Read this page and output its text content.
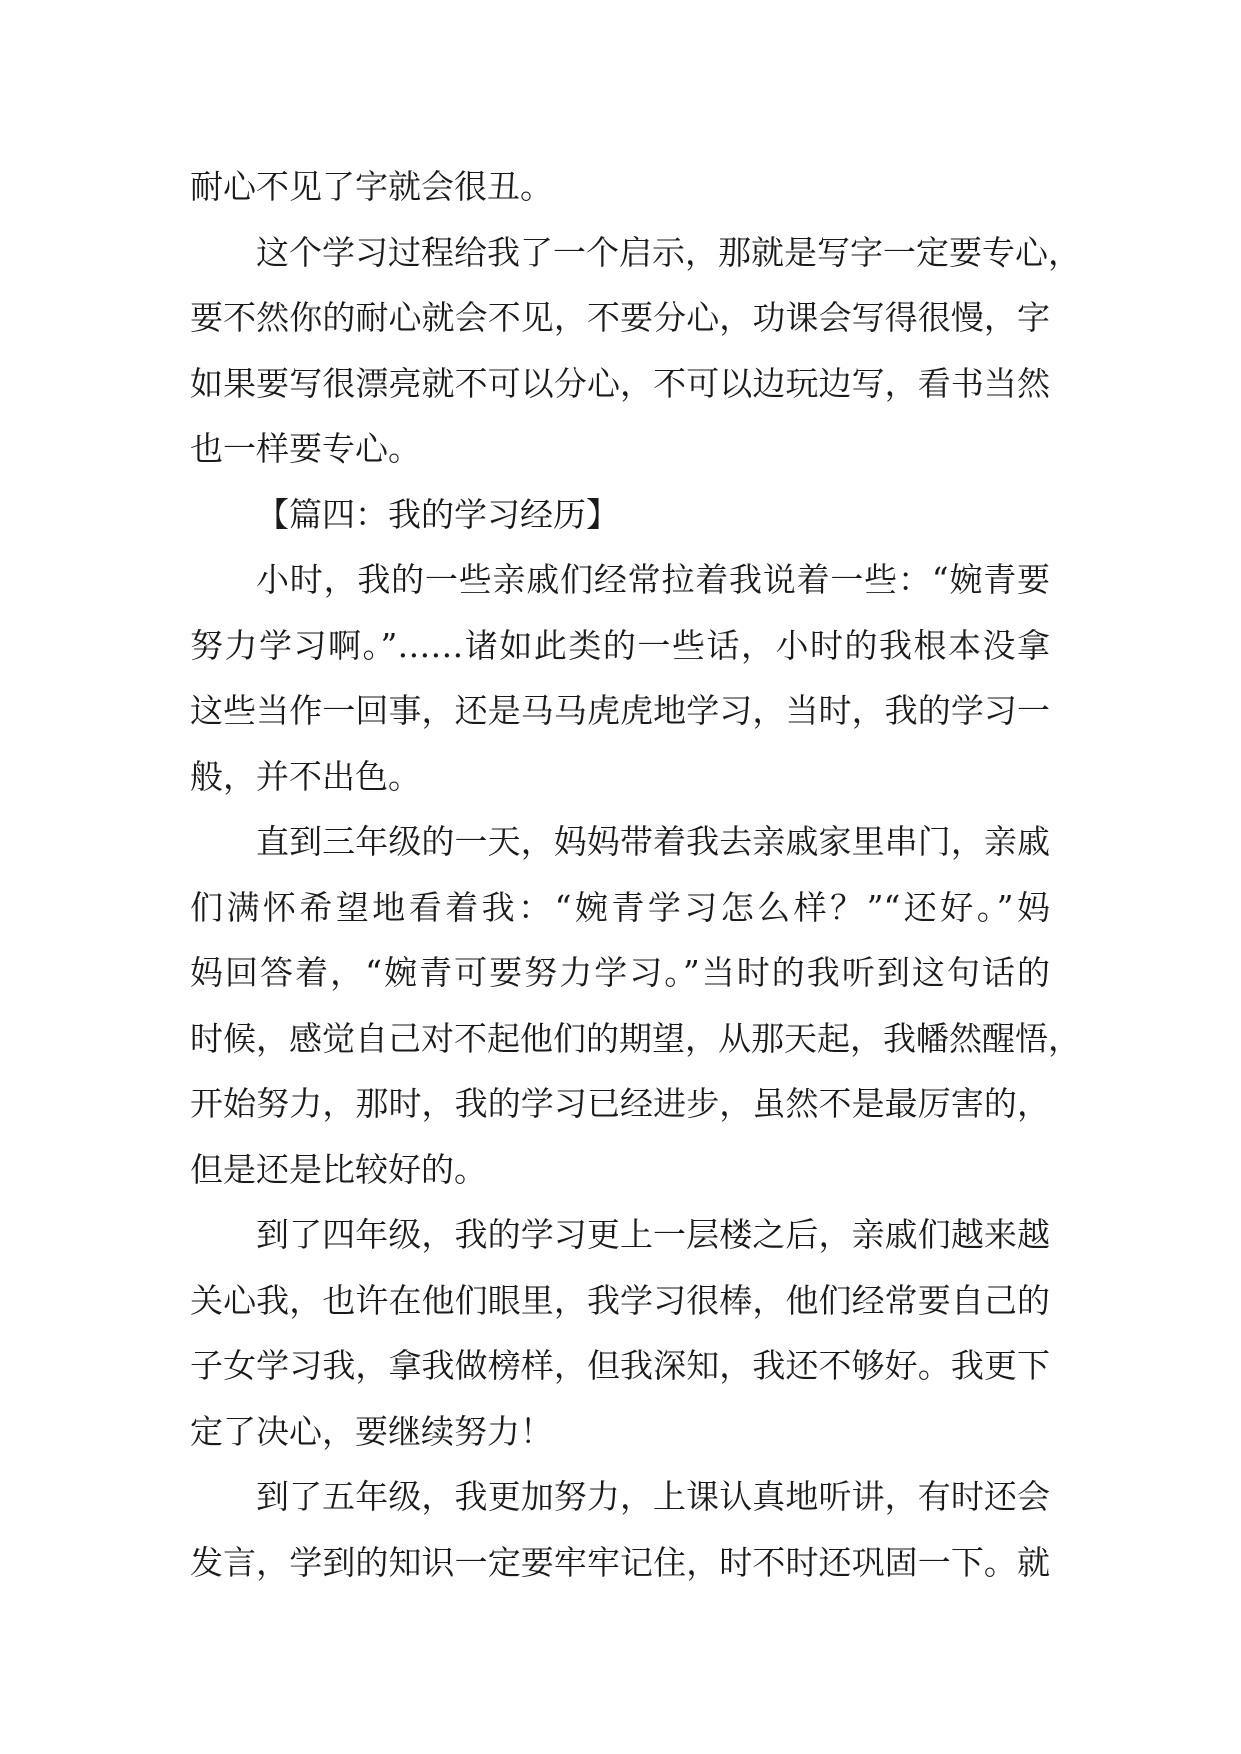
耐心不见了字就会很丑。

这个学习过程给我了一个启示，那就是写字一定要专心，
要不然你的耐心就会不见，不要分心，功课会写得很慢，字
如果要写很漂亮就不可以分心，不可以边玩边写，看书当然
也一样要专心。

【篇四：我的学习经历】

小时，我的一些亲戚们经常拉着我说着一些：“婉青要
努力学习啊。”……诸如此类的一些话，小时的我根本没拿
这些当作一回事，还是马马虎虎地学习，当时，我的学习一
般，并不出色。

直到三年级的一天，妈妈带着我去亲戚家里串门，亲戚
们满怀希望地看着我：“婉青学习怎么样？”“还好。”妈
妈回答着，“婉青可要努力学习。”当时的我听到这句话的
时候，感觉自己对不起他们的期望，从那天起，我幡然醒悟，
开始努力，那时，我的学习已经进步，虽然不是最厉害的，
但是还是比较好的。

到了四年级，我的学习更上一层楼之后，亲戚们越来越
关心我，也许在他们眼里，我学习很棒，他们经常要自己的
子女学习我，拿我做榜样，但我深知，我还不够好。我更下
定了决心，要继续努力！

到了五年级，我更加努力，上课认真地听讲，有时还会
发言，学到的知识一定要牢牢记住，时不时还巩固一下。就
